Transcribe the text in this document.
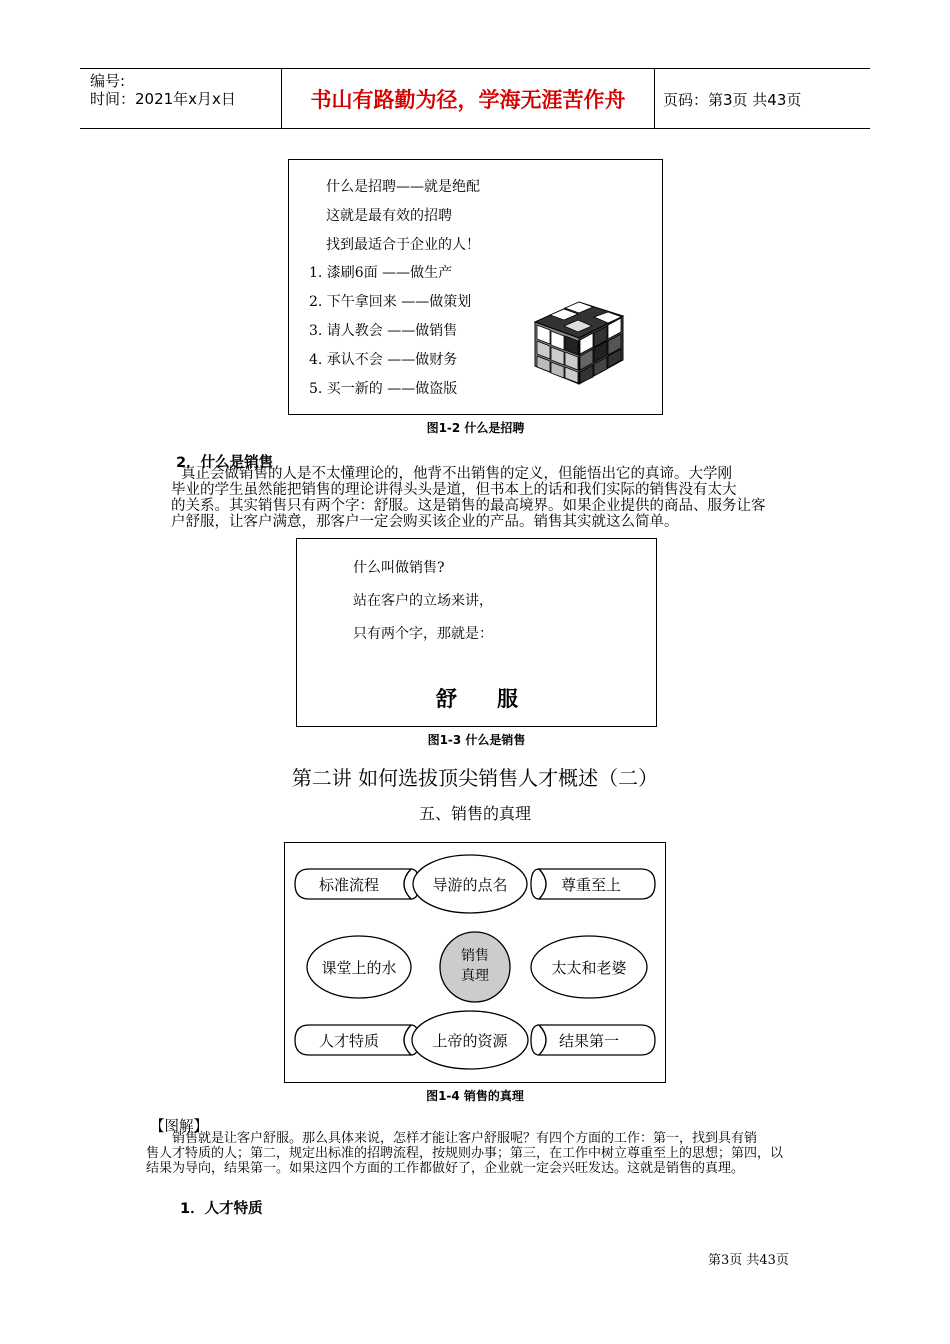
编号:
时间：2021年x月x日	书山有路勤为径，学海无涯苦作舟	页码：第3页 共43页
什么是招聘——就是绝配
这就是最有效的招聘
找到最适合于企业的人！
1. 漆刷6面 ——做生产
2. 下午拿回来 ——做策划
3. 请人教会 ——做销售
4. 承认不会 ——做财务
5. 买一新的 ——做盗版
图1-2 什么是招聘
2．什么是销售

真正会做销售的人是不太懂理论的，他背不出销售的定义，但能悟出它的真谛。大学刚

毕业的学生虽然能把销售的理论讲得头头是道，但书本上的话和我们实际的销售没有太大

的关系。其实销售只有两个字：舒服。这是销售的最高境界。如果企业提供的商品、服务让客

户舒服，让客户满意，那客户一定会购买该企业的产品。销售其实就这么简单。

什么叫做销售?
站在客户的立场来讲，
只有两个字，那就是：
舒服
图1-3 什么是销售
第二讲 如何选拔顶尖销售人才概述（二）
五、销售的真理
标准流程
人才特质
尊重至上
结果第一
导游的点名
课堂上的水	太太和老婆
上帝的资源
销售
真理
图1-4 销售的真理
【图解】

销售就是让客户舒服。那么具体来说，怎样才能让客户舒服呢？有四个方面的工作：第一，找到具有销

售人才特质的人；第二，规定出标准的招聘流程，按规则办事；第三，在工作中树立尊重至上的思想；第四，以

结果为导向，结果第一。如果这四个方面的工作都做好了，企业就一定会兴旺发达。这就是销售的真理。

1．人才特质
第3页 共43页
